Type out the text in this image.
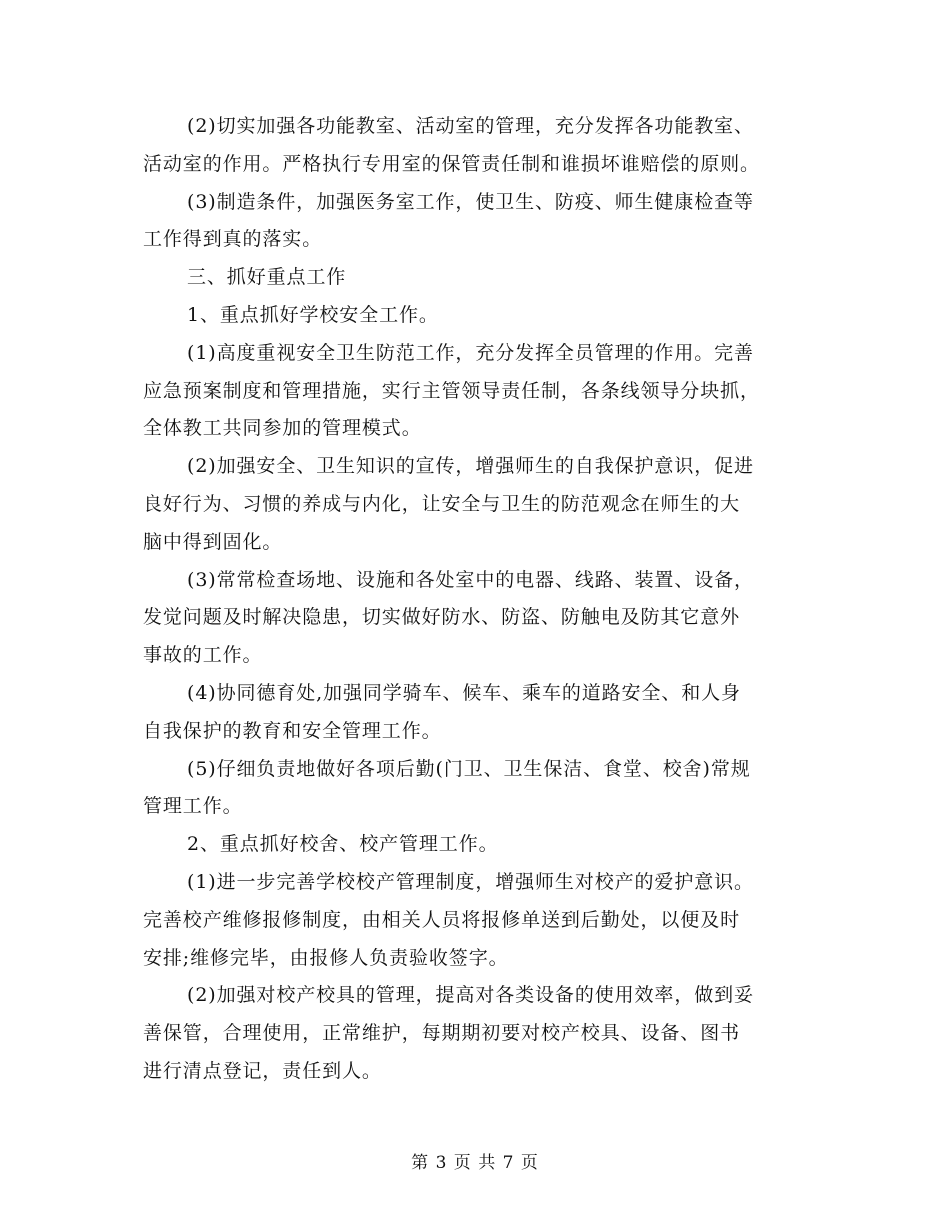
(2)切实加强各功能教室、活动室的管理，充分发挥各功能教室、
活动室的作用。严格执行专用室的保管责任制和谁损坏谁赔偿的原则。

(3)制造条件，加强医务室工作，使卫生、防疫、师生健康检查等
工作得到真的落实。

三、抓好重点工作

1、重点抓好学校安全工作。

(1)高度重视安全卫生防范工作，充分发挥全员管理的作用。完善
应急预案制度和管理措施，实行主管领导责任制，各条线领导分块抓，
全体教工共同参加的管理模式。

(2)加强安全、卫生知识的宣传，增强师生的自我保护意识，促进
良好行为、习惯的养成与内化，让安全与卫生的防范观念在师生的大
脑中得到固化。

(3)常常检查场地、设施和各处室中的电器、线路、装置、设备，
发觉问题及时解决隐患，切实做好防水、防盗、防触电及防其它意外
事故的工作。

(4)协同德育处,加强同学骑车、候车、乘车的道路安全、和人身
自我保护的教育和安全管理工作。

(5)仔细负责地做好各项后勤(门卫、卫生保洁、食堂、校舍)常规
管理工作。

2、重点抓好校舍、校产管理工作。

(1)进一步完善学校校产管理制度，增强师生对校产的爱护意识。
完善校产维修报修制度，由相关人员将报修单送到后勤处，以便及时
安排;维修完毕，由报修人负责验收签字。

(2)加强对校产校具的管理，提高对各类设备的使用效率，做到妥
善保管，合理使用，正常维护，每期期初要对校产校具、设备、图书
进行清点登记，责任到人。

第 3 页 共 7 页
